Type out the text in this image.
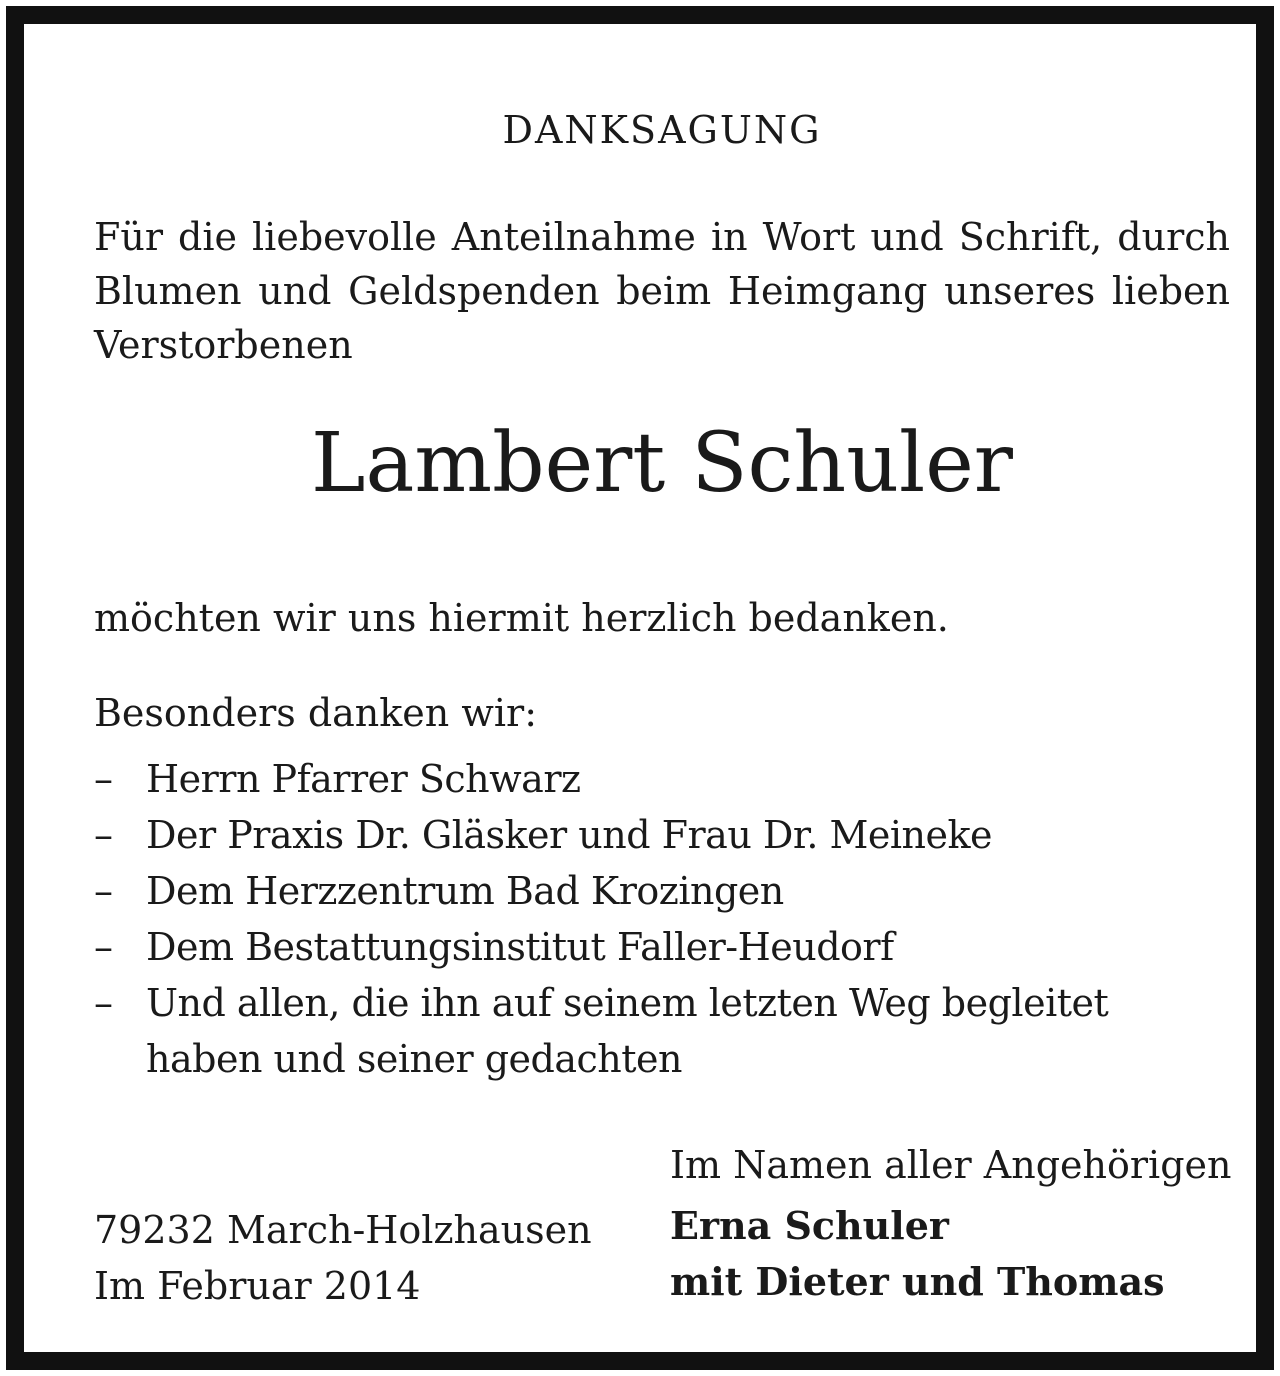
DANKSAGUNG

Für die liebevolle Anteilnahme in Wort und Schrift, durch Blumen und Geldspenden beim Heimgang unseres lieben Verstorbenen

Lambert Schuler
möchten wir uns hiermit herzlich bedanken.
Besonders danken wir:
– Herrn Pfarrer Schwarz
– Der Praxis Dr. Gläsker und Frau Dr. Meineke
– Dem Herzzentrum Bad Krozingen
– Dem Bestattungsinstitut Faller-Heudorf
– Und allen, die ihn auf seinem letzten Weg begleitet haben und seiner gedachten
Im Namen aller Angehörigen
79232 March-Holzhausen Erna Schuler
Im Februar 2014	mit Dieter und Thomas
